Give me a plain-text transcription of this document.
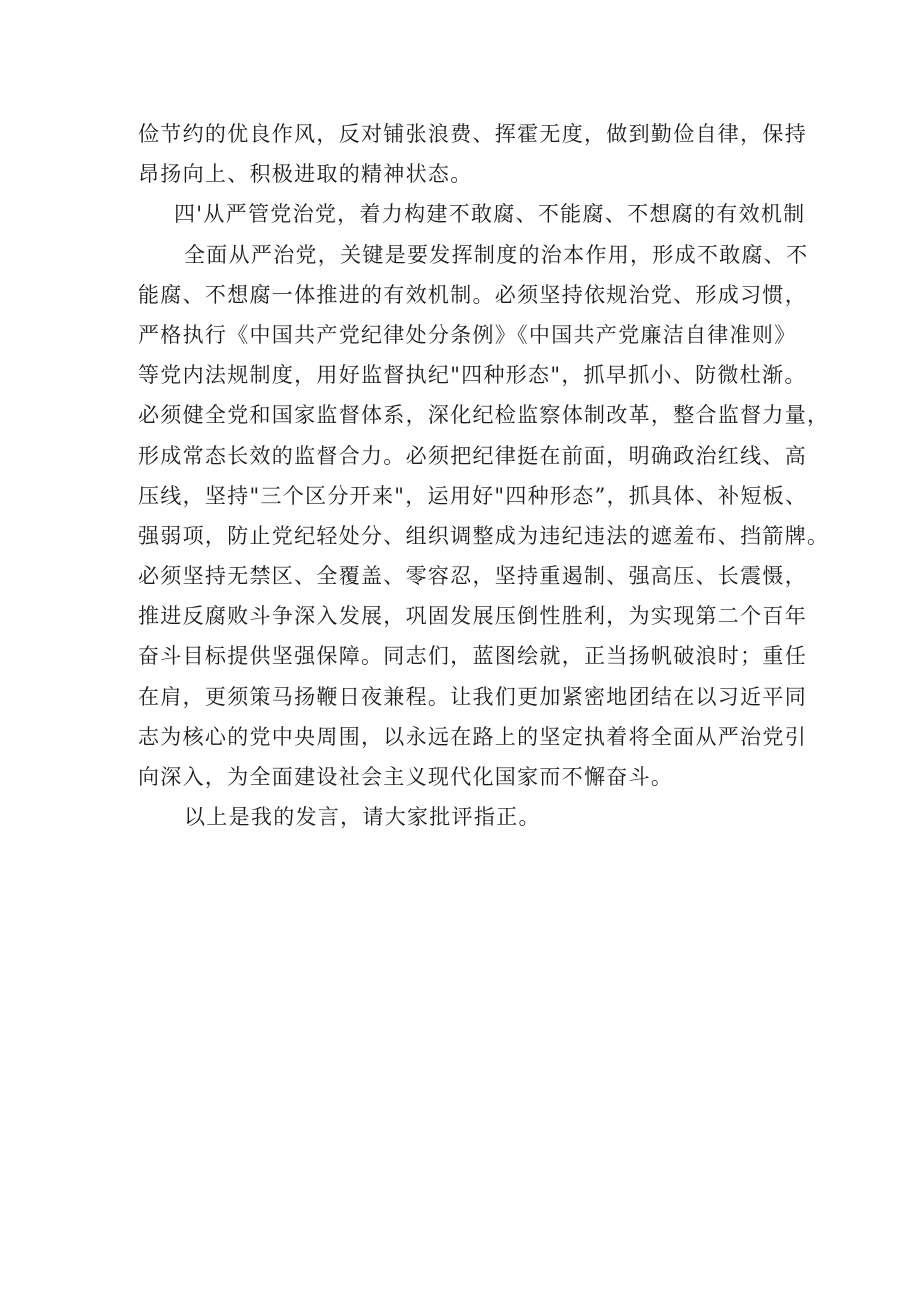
俭节约的优良作风，反对铺张浪费、挥霍无度，做到勤俭自律，保持
昂扬向上、积极进取的精神状态。
四'从严管党治党，着力构建不敢腐、不能腐、不想腐的有效机制
全面从严治党，关键是要发挥制度的治本作用，形成不敢腐、不
能腐、不想腐一体推进的有效机制。必须坚持依规治党、形成习惯，
严格执行《中国共产党纪律处分条例》《中国共产党廉洁自律准则》
等党内法规制度，用好监督执纪"四种形态"，抓早抓小、防微杜渐。
必须健全党和国家监督体系，深化纪检监察体制改革，整合监督力量，
形成常态长效的监督合力。必须把纪律挺在前面，明确政治红线、高
压线，坚持"三个区分开来"，运用好"四种形态”，抓具体、补短板、
强弱项，防止党纪轻处分、组织调整成为违纪违法的遮羞布、挡箭牌。
必须坚持无禁区、全覆盖、零容忍，坚持重遏制、强高压、长震慑，
推进反腐败斗争深入发展，巩固发展压倒性胜利，为实现第二个百年
奋斗目标提供坚强保障。同志们，蓝图绘就，正当扬帆破浪时；重任
在肩，更须策马扬鞭日夜兼程。让我们更加紧密地团结在以习近平同
志为核心的党中央周围，以永远在路上的坚定执着将全面从严治党引
向深入，为全面建设社会主义现代化国家而不懈奋斗。
以上是我的发言，请大家批评指正。
